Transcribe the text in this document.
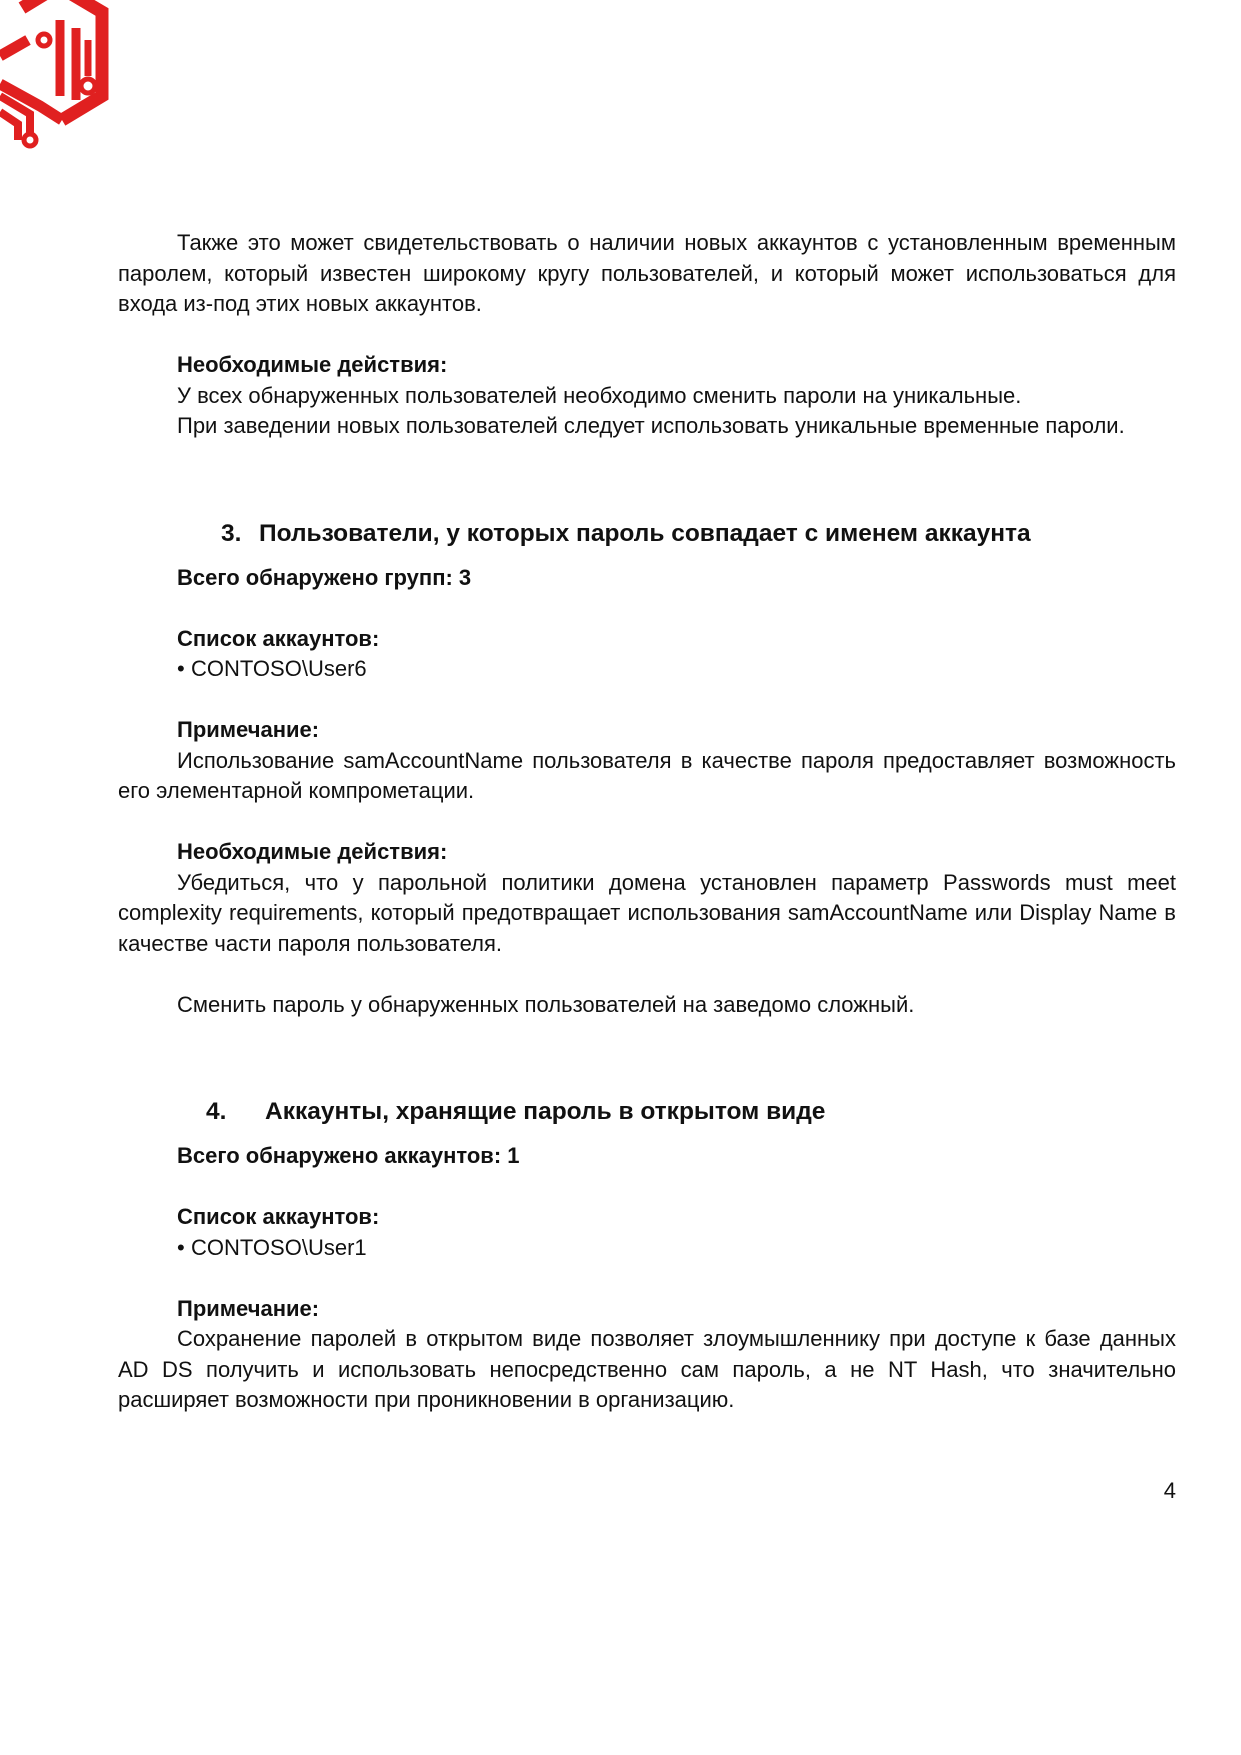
Также это может свидетельствовать о наличии новых аккаунтов с установленным временным паролем, который известен широкому кругу пользователей, и который может использоваться для входа из-под этих новых аккаунтов.

Необходимые действия:

У всех обнаруженных пользователей необходимо сменить пароли на уникальные.

При заведении новых пользователей следует использовать уникальные временные пароли.

3. Пользователи, у которых пароль совпадает с именем аккаунта

Всего обнаружено групп: 3

Список аккаунтов:

• CONTOSO\User6

Примечание:

Использование samAccountName пользователя в качестве пароля предоставляет возможность его элементарной компрометации.

Необходимые действия:

Убедиться, что у парольной политики домена установлен параметр Passwords must meet complexity requirements, который предотвращает использования samAccountName или Display Name в качестве части пароля пользователя.

Сменить пароль у обнаруженных пользователей на заведомо сложный.

4.	Аккаунты, хранящие пароль в открытом виде

Всего обнаружено аккаунтов: 1

Список аккаунтов:

• CONTOSO\User1

Примечание:

Сохранение паролей в открытом виде позволяет злоумышленнику при доступе к базе данных AD DS получить и использовать непосредственно сам пароль, а не NT Hash, что значительно расширяет возможности при проникновении в организацию.

4
